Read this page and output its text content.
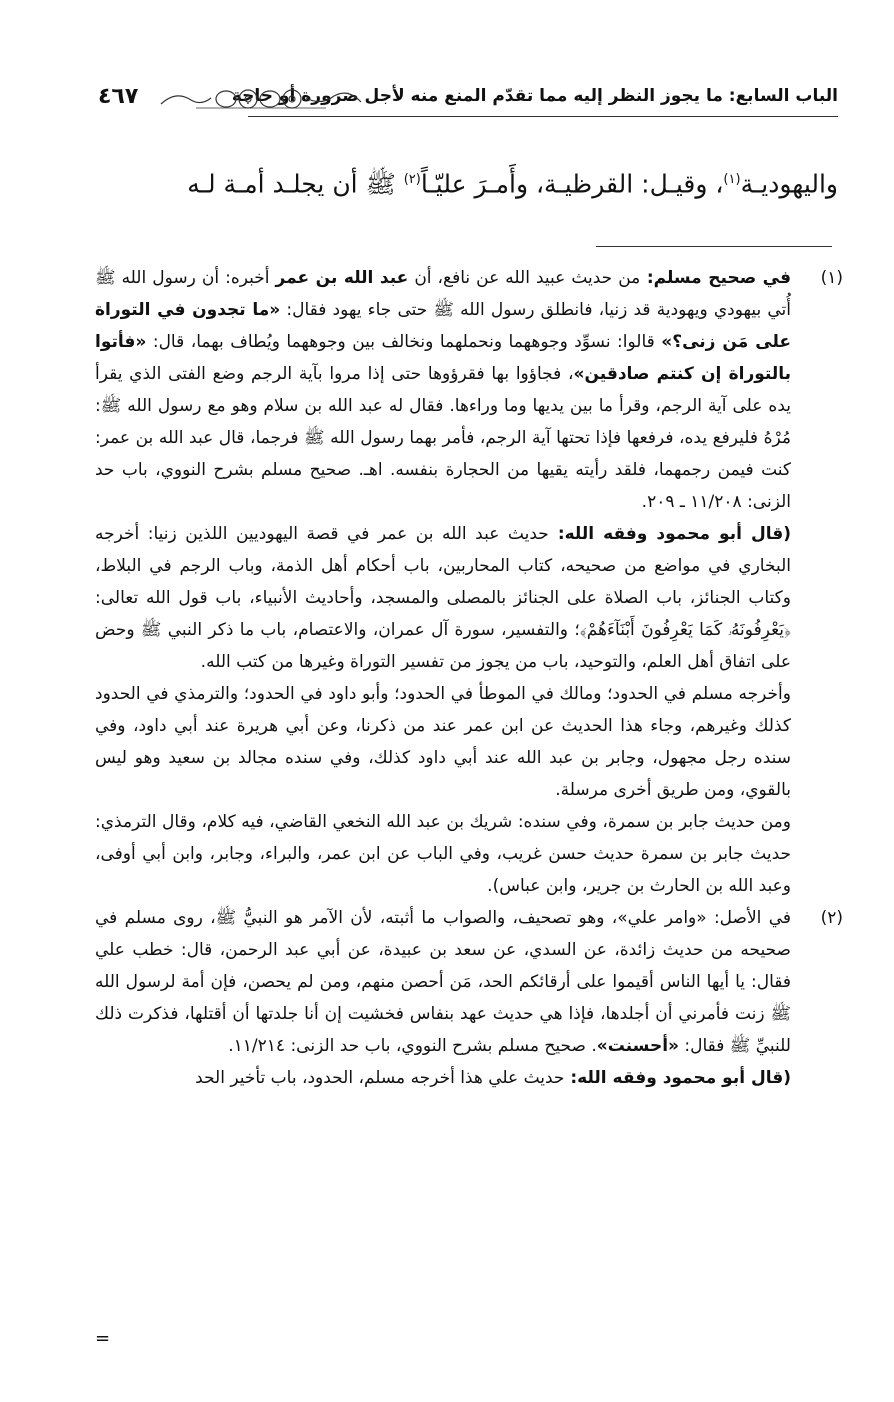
الباب السابع: ما يجوز النظر إليه مما تقدّم المنع منه لأجل ضرورة أو حاجة
٤٦٧
واليهوديـة$^{(١)}$، وقيـل: القرظيـة، وأَمـرَ عليّـاً$^{(٢)}$ ﷺ أن يجلـد أمـة لـه
(١)

في صحيح مسلم: من حديث عبيد الله عن نافع، أن عبد الله بن عمر أخبره: أن رسول الله ﷺ أُتي بيهودي ويهودية قد زنيا، فانطلق رسول الله ﷺ حتى جاء يهود فقال: «ما تجدون في التوراة على مَن زنى؟» قالوا: نسوِّد وجوههما ونحملهما ونخالف بين وجوههما ويُطاف بهما، قال: «فأتوا بالتوراة إن كنتم صادقين»، فجاؤوا بها فقرؤوها حتى إذا مروا بآية الرجم وضع الفتى الذي يقرأ يده على آية الرجم، وقرأ ما بين يديها وما وراءها. فقال له عبد الله بن سلام وهو مع رسول الله ﷺ: مُرْهُ فليرفع يده، فرفعها فإذا تحتها آية الرجم، فأمر بهما رسول الله ﷺ فرجما، قال عبد الله بن عمر: كنت فيمن رجمهما، فلقد رأيته يقيها من الحجارة بنفسه. اهـ. صحيح مسلم بشرح النووي، باب حد الزنى: ١١/٢٠٨ ـ ٢٠٩.

(قال أبو محمود وفقه الله: حديث عبد الله بن عمر في قصة اليهوديين اللذين زنيا: أخرجه البخاري في مواضع من صحيحه، كتاب المحاربين، باب أحكام أهل الذمة، وباب الرجم في البلاط، وكتاب الجنائز، باب الصلاة على الجنائز بالمصلى والمسجد، وأحاديث الأنبياء، باب قول الله تعالى: ﴿يَعْرِفُونَهُۥ كَمَا يَعْرِفُونَ أَبْنَآءَهُمْ﴾؛ والتفسير، سورة آل عمران، والاعتصام، باب ما ذكر النبي ﷺ وحض على اتفاق أهل العلم، والتوحيد، باب من يجوز من تفسير التوراة وغيرها من كتب الله.

وأخرجه مسلم في الحدود؛ ومالك في الموطأ في الحدود؛ وأبو داود في الحدود؛ والترمذي في الحدود كذلك وغيرهم، وجاء هذا الحديث عن ابن عمر عند من ذكرنا، وعن أبي هريرة عند أبي داود، وفي سنده رجل مجهول، وجابر بن عبد الله عند أبي داود كذلك، وفي سنده مجالد بن سعيد وهو ليس بالقوي، ومن طريق أخرى مرسلة.

ومن حديث جابر بن سمرة، وفي سنده: شريك بن عبد الله النخعي القاضي، فيه كلام، وقال الترمذي: حديث جابر بن سمرة حديث حسن غريب، وفي الباب عن ابن عمر، والبراء، وجابر، وابن أبي أوفى، وعبد الله بن الحارث بن جرير، وابن عباس).

(٢)

في الأصل: «وامر علي»، وهو تصحيف، والصواب ما أثبته، لأن الآمر هو النبيُّ ﷺ، روى مسلم في صحيحه من حديث زائدة، عن السدي، عن سعد بن عبيدة، عن أبي عبد الرحمن، قال: خطب علي فقال: يا أيها الناس أقيموا على أرقائكم الحد، مَن أحصن منهم، ومن لم يحصن، فإن أمة لرسول الله ﷺ زنت فأمرني أن أجلدها، فإذا هي حديث عهد بنفاس فخشيت إن أنا جلدتها أن أقتلها، فذكرت ذلك للنبيِّ ﷺ فقال: «أحسنت». صحيح مسلم بشرح النووي، باب حد الزنى: ١١/٢١٤.

(قال أبو محمود وفقه الله: حديث علي هذا أخرجه مسلم، الحدود، باب تأخير الحد

=
